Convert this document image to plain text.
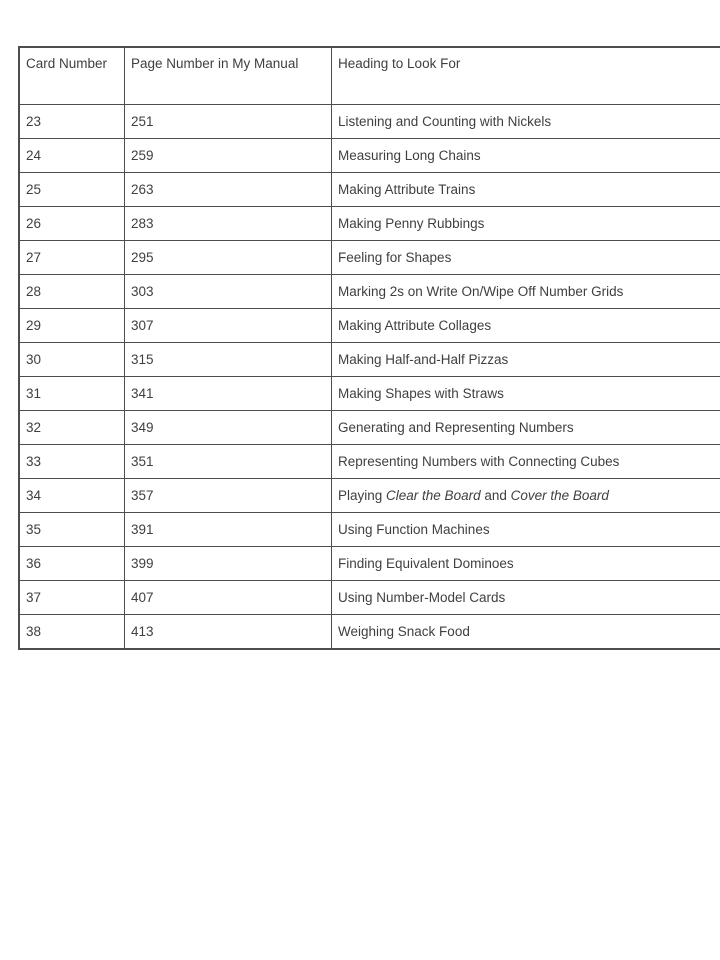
Card Number	Page Number in My Manual	Heading to Look For
23	251	Listening and Counting with Nickels
24	259	Measuring Long Chains
25	263	Making Attribute Trains
26	283	Making Penny Rubbings
27	295	Feeling for Shapes
28	303	Marking 2s on Write On/Wipe Off Number Grids
29	307	Making Attribute Collages
30	315	Making Half-and-Half Pizzas
31	341	Making Shapes with Straws
32	349	Generating and Representing Numbers
33	351	Representing Numbers with Connecting Cubes
34	357	Playing Clear the Board and Cover the Board
35	391	Using Function Machines
36	399	Finding Equivalent Dominoes
37	407	Using Number-Model Cards
38	413	Weighing Snack Food
